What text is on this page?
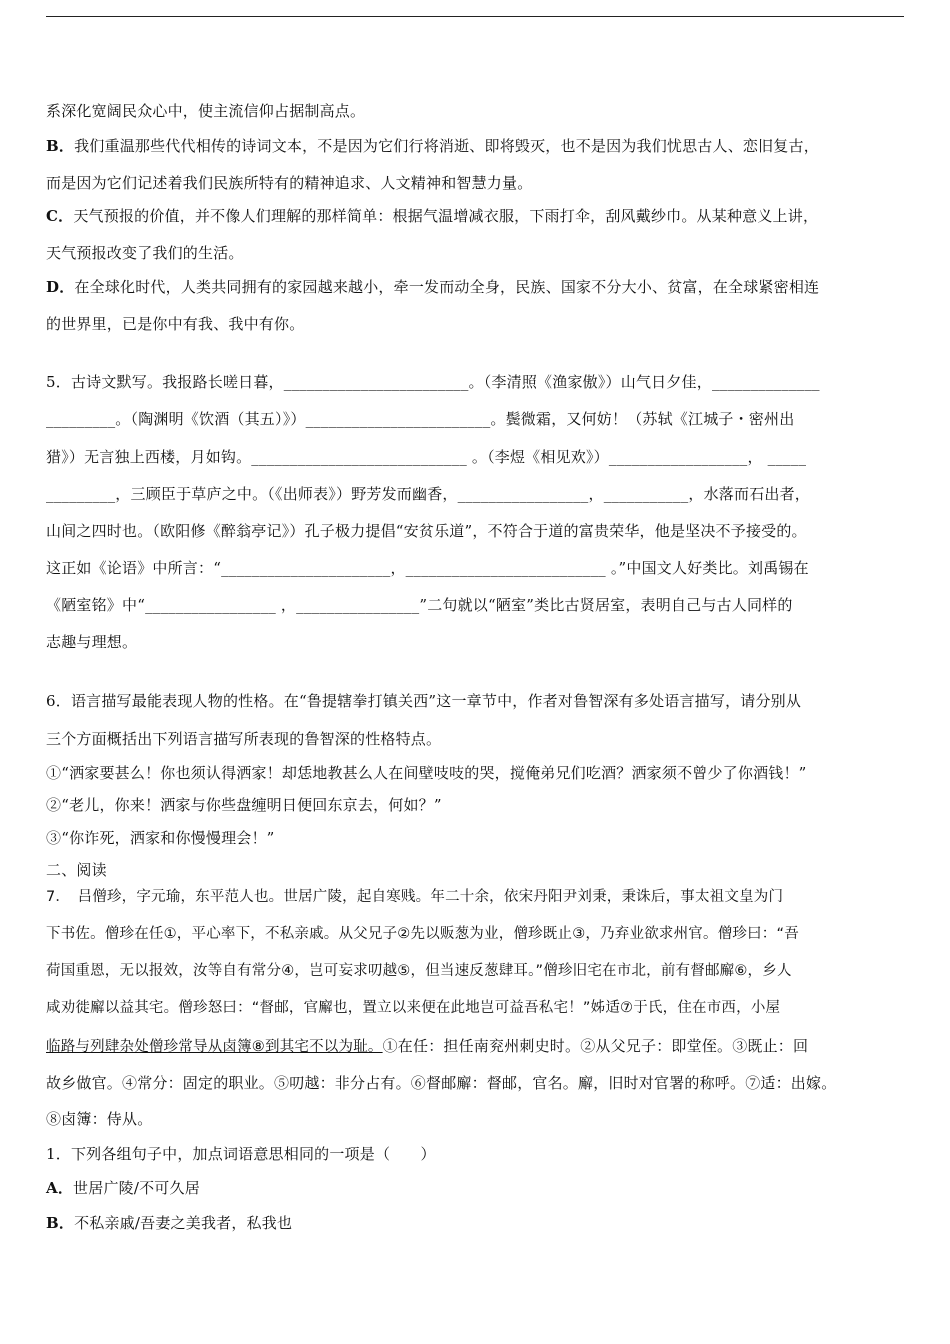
系深化宽阔民众心中，使主流信仰占据制高点。
B．我们重温那些代代相传的诗词文本，不是因为它们行将消逝、即将毁灭，也不是因为我们忧思古人、恋旧复古，
而是因为它们记述着我们民族所特有的精神追求、人文精神和智慧力量。
C．天气预报的价值，并不像人们理解的那样简单：根据气温增减衣服，下雨打伞，刮风戴纱巾。从某种意义上讲，
天气预报改变了我们的生活。
D．在全球化时代，人类共同拥有的家园越来越小，牵一发而动全身，民族、国家不分大小、贫富，在全球紧密相连
的世界里，已是你中有我、我中有你。
5．古诗文默写。我报路长嗟日暮，________________________。（李清照《渔家傲》）山气日夕佳，______________
_________。（陶渊明《饮酒（其五）》）________________________。鬓微霜，又何妨！（苏轼《江城子・密州出
猎》）无言独上西楼，月如钩。____________________________ 。（李煜《相见欢》）__________________， _____
_________，三顾臣于草庐之中。（《出师表》）野芳发而幽香，_________________，___________，水落而石出者，
山间之四时也。（欧阳修《醉翁亭记》）孔子极力提倡“安贫乐道”，不符合于道的富贵荣华，他是坚决不予接受的。
这正如《论语》中所言：“______________________，__________________________ 。”中国文人好类比。刘禹锡在
《陋室铭》中“_________________ ，________________”二句就以“陋室”类比古贤居室，表明自己与古人同样的
志趣与理想。
6．语言描写最能表现人物的性格。在“鲁提辖拳打镇关西”这一章节中，作者对鲁智深有多处语言描写，请分别从
三个方面概括出下列语言描写所表现的鲁智深的性格特点。
①“洒家要甚么！你也须认得洒家！却恁地教甚么人在间壁吱吱的哭，搅俺弟兄们吃酒？洒家须不曾少了你酒钱！”
②“老儿，你来！洒家与你些盘缠明日便回东京去，何如？”
③“你诈死，洒家和你慢慢理会！”
二、阅读
7．　吕僧珍，字元瑜，东平范人也。世居广陵，起自寒贱。年二十余，依宋丹阳尹刘秉，秉诛后，事太祖文皇为门
下书佐。僧珍在任①，平心率下，不私亲戚。从父兄子②先以贩葱为业，僧珍既止③，乃弃业欲求州官。僧珍曰：“吾
荷国重恩，无以报效，汝等自有常分④，岂可妄求叨越⑤，但当速反葱肆耳。”僧珍旧宅在市北，前有督邮廨⑥，乡人
咸劝徙廨以益其宅。僧珍怒曰：“督邮，官廨也，置立以来便在此地岂可益吾私宅！”姊适⑦于氏，住在市西，小屋
临路与列肆杂处僧珍常导从卤簿⑧到其宅不以为耻。①在任：担任南兖州刺史时。②从父兄子：即堂侄。③既止：回
故乡做官。④常分：固定的职业。⑤叨越：非分占有。⑥督邮廨：督邮，官名。廨，旧时对官署的称呼。⑦适：出嫁。
⑧卤簿：侍从。
1．下列各组句子中，加点词语意思相同的一项是（　　）
A．世居广陵/不可久居
B．不私亲戚/吾妻之美我者，私我也
